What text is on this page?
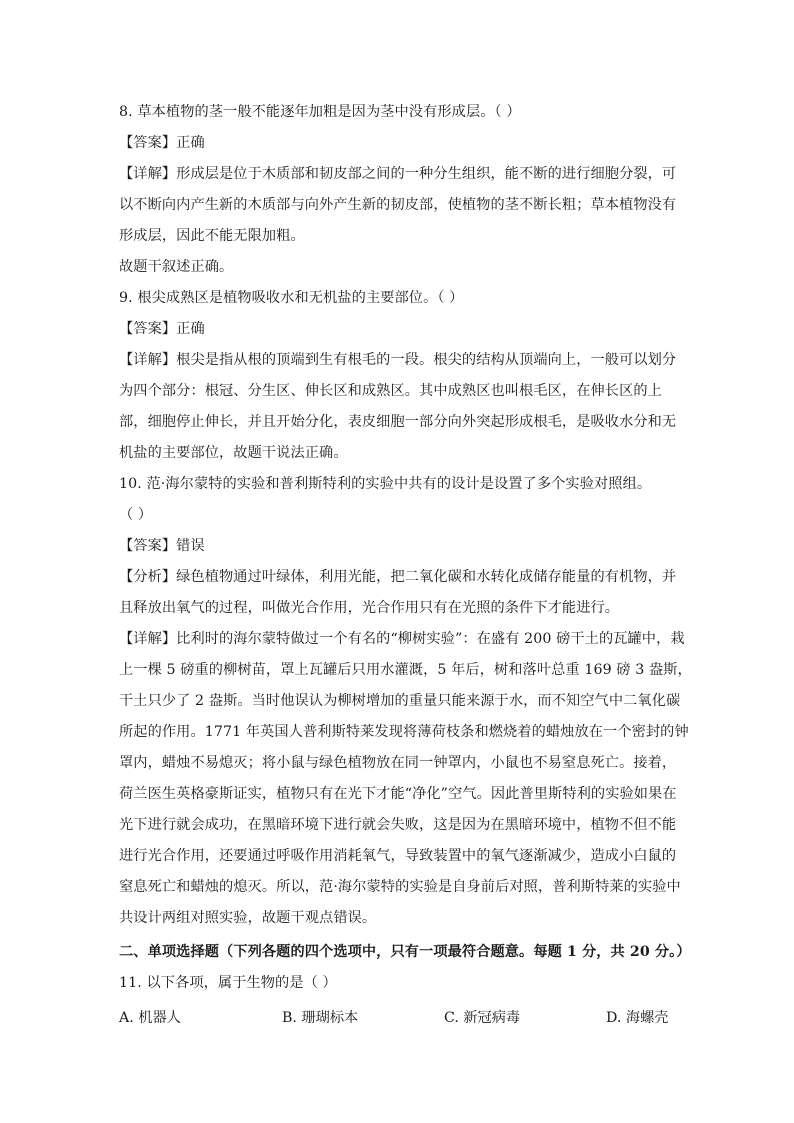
8. 草本植物的茎一般不能逐年加粗是因为茎中没有形成层。（ ）
【答案】正确
【详解】形成层是位于木质部和韧皮部之间的一种分生组织，能不断的进行细胞分裂，可
以不断向内产生新的木质部与向外产生新的韧皮部，使植物的茎不断长粗；草本植物没有
形成层，因此不能无限加粗。
故题干叙述正确。
9. 根尖成熟区是植物吸收水和无机盐的主要部位。（ ）
【答案】正确
【详解】根尖是指从根的顶端到生有根毛的一段。根尖的结构从顶端向上，一般可以划分
为四个部分：根冠、分生区、伸长区和成熟区。其中成熟区也叫根毛区，在伸长区的上
部，细胞停止伸长，并且开始分化，表皮细胞一部分向外突起形成根毛，是吸收水分和无
机盐的主要部位，故题干说法正确。
10. 范·海尔蒙特的实验和普利斯特利的实验中共有的设计是设置了多个实验对照组。
（ ）
【答案】错误
【分析】绿色植物通过叶绿体，利用光能，把二氧化碳和水转化成储存能量的有机物，并
且释放出氧气的过程，叫做光合作用，光合作用只有在光照的条件下才能进行。
【详解】比利时的海尔蒙特做过一个有名的“柳树实验”：在盛有 200 磅干土的瓦罐中，栽
上一棵 5 磅重的柳树苗，罩上瓦罐后只用水灌溉，5 年后，树和落叶总重 169 磅 3 盎斯，
干土只少了 2 盎斯。当时他误认为柳树增加的重量只能来源于水，而不知空气中二氧化碳
所起的作用。1771 年英国人普利斯特莱发现将薄荷枝条和燃烧着的蜡烛放在一个密封的钟
罩内，蜡烛不易熄灭；将小鼠与绿色植物放在同一钟罩内，小鼠也不易窒息死亡。接着，
荷兰医生英格豪斯证实，植物只有在光下才能“净化”空气。因此普里斯特利的实验如果在
光下进行就会成功，在黑暗环境下进行就会失败，这是因为在黑暗环境中，植物不但不能
进行光合作用，还要通过呼吸作用消耗氧气，导致装置中的氧气逐渐减少，造成小白鼠的
窒息死亡和蜡烛的熄灭。所以，范·海尔蒙特的实验是自身前后对照，普利斯特莱的实验中
共设计两组对照实验，故题干观点错误。
二、单项选择题（下列各题的四个选项中，只有一项最符合题意。每题 1 分，共 20 分。）
11. 以下各项，属于生物的是（ ）
A. 机器人	B. 珊瑚标本	C. 新冠病毒	D. 海螺壳
